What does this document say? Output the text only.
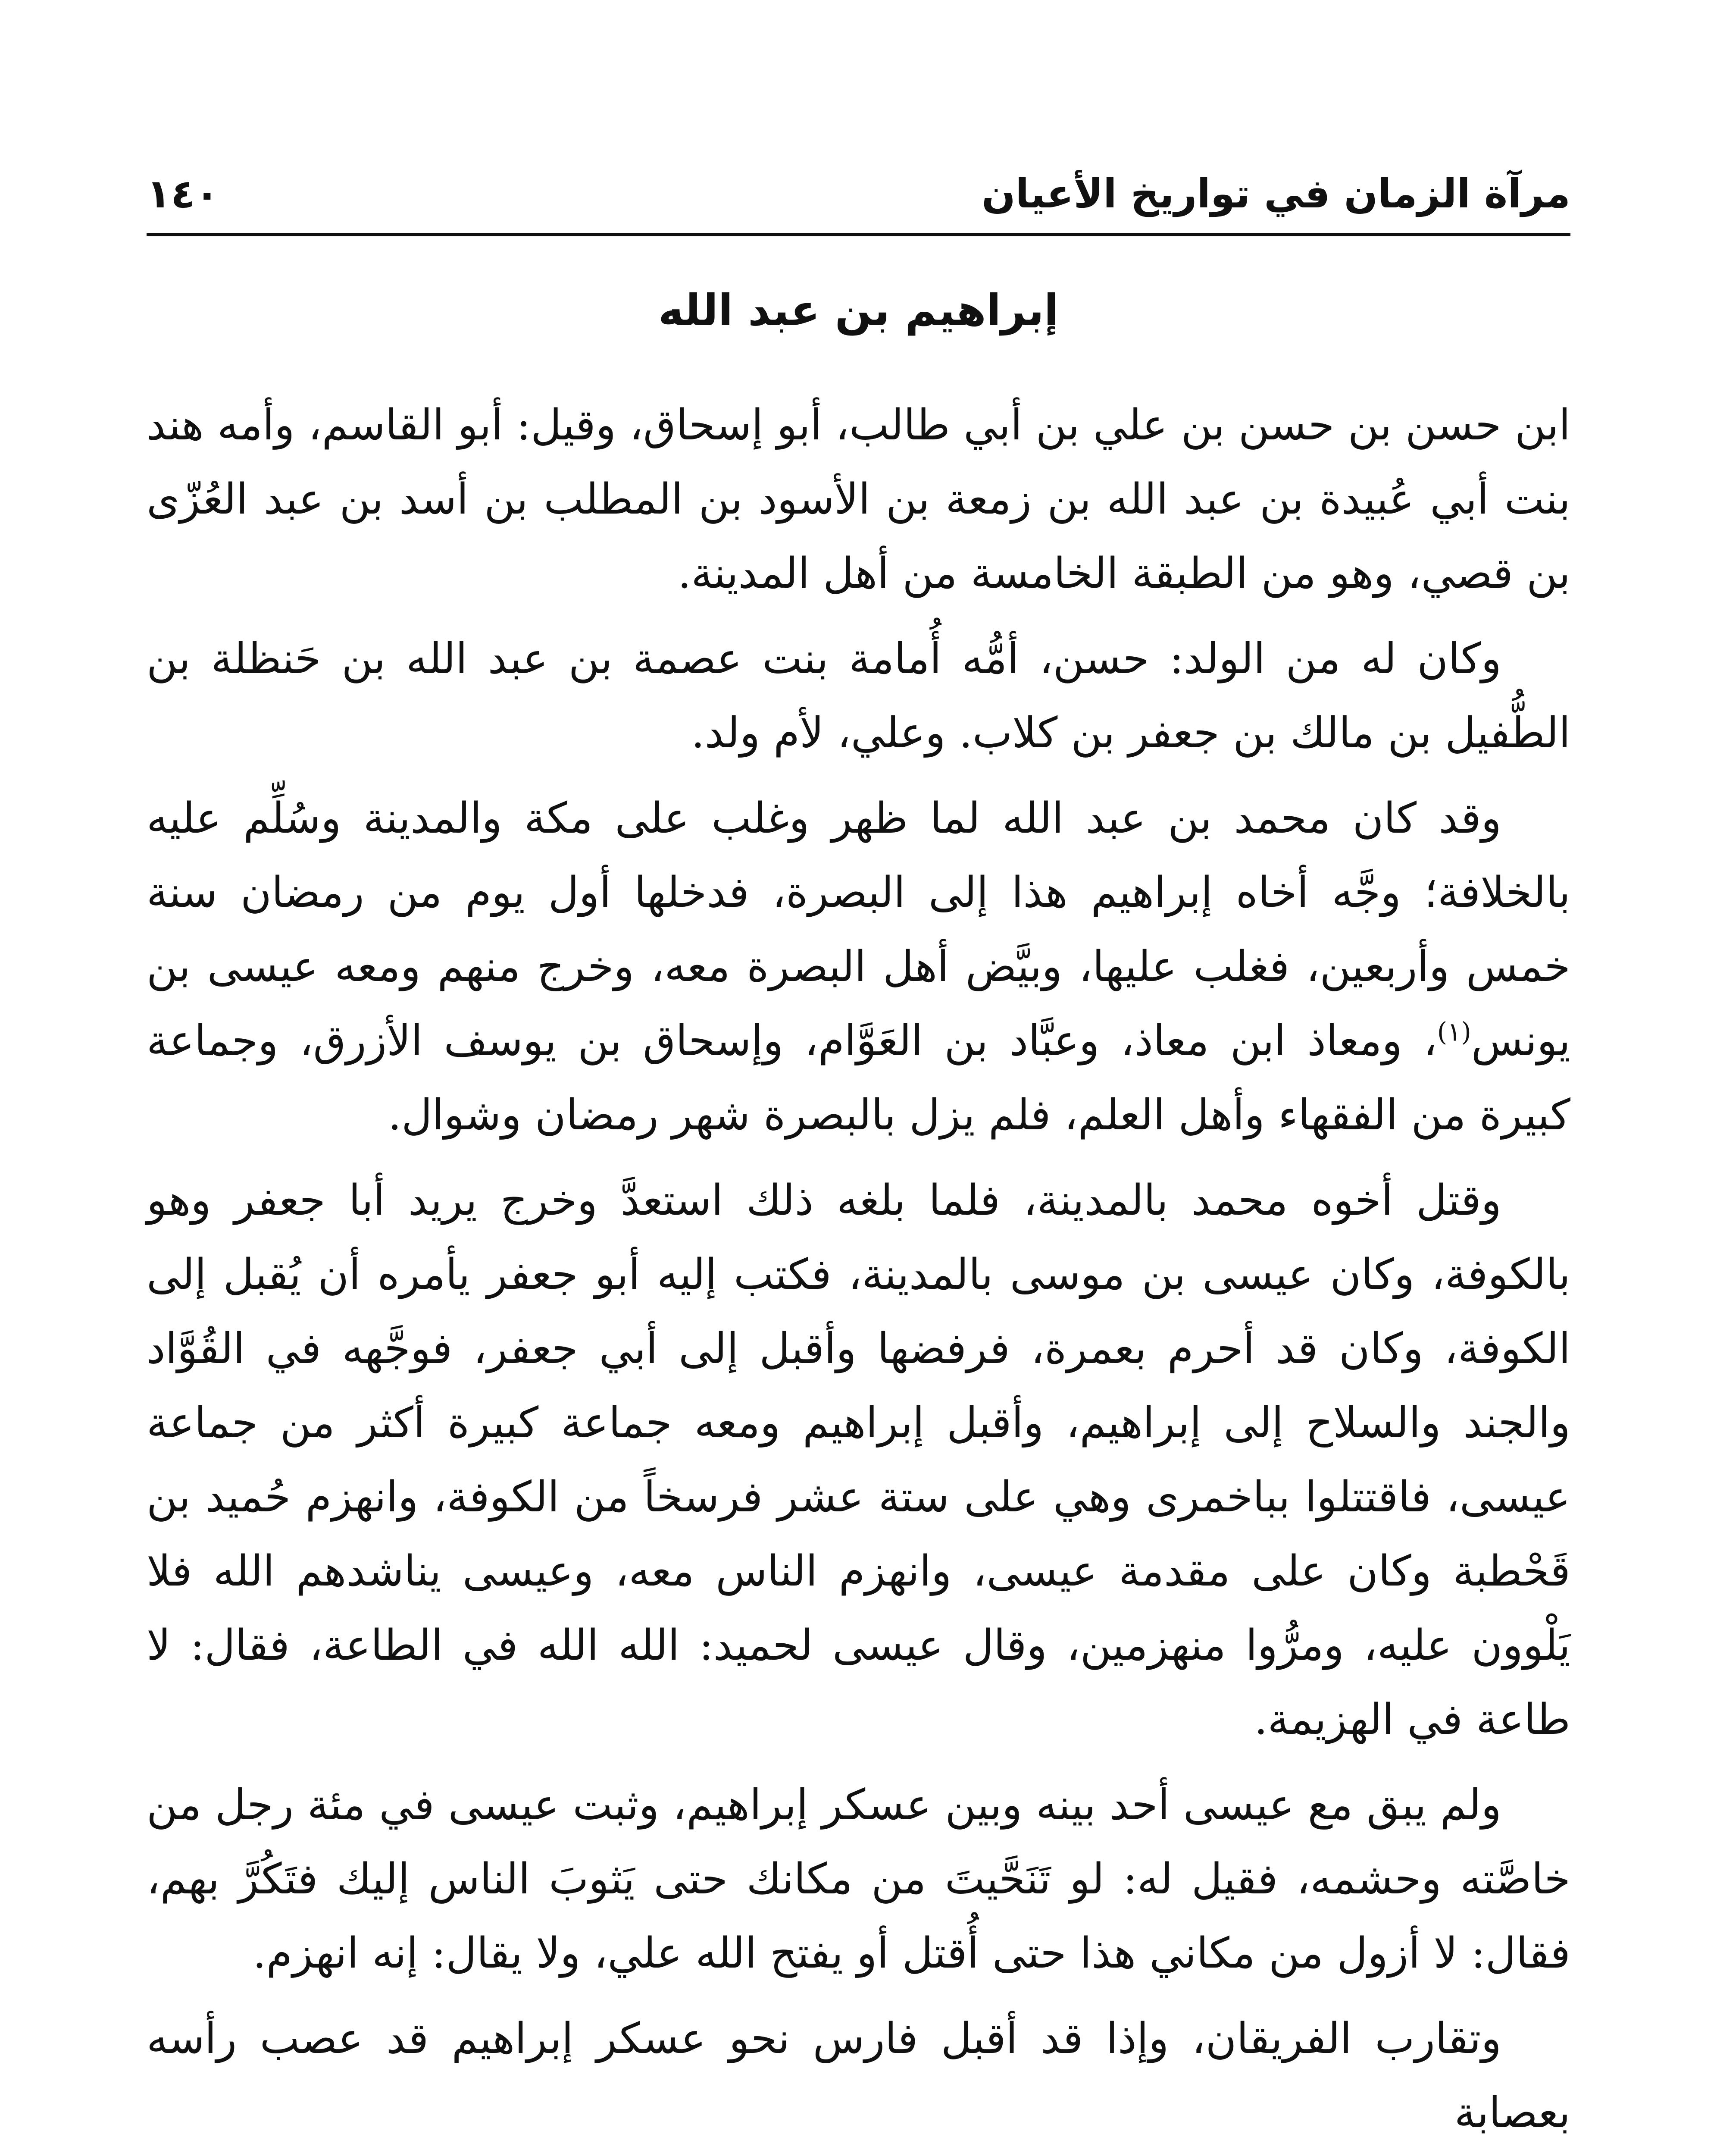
مرآة الزمان في تواريخ الأعيان
١٤٠
إبراهيم بن عبد الله

ابن حسن بن حسن بن علي بن أبي طالب، أبو إسحاق، وقيل: أبو القاسم، وأمه هند بنت أبي عُبيدة بن عبد الله بن زمعة بن الأسود بن المطلب بن أسد بن عبد العُزّى بن قصي، وهو من الطبقة الخامسة من أهل المدينة.

وكان له من الولد: حسن، أمُّه أُمامة بنت عصمة بن عبد الله بن حَنظلة بن الطُّفيل بن مالك بن جعفر بن كلاب. وعلي، لأم ولد.

وقد كان محمد بن عبد الله لما ظهر وغلب على مكة والمدينة وسُلِّم عليه بالخلافة؛ وجَّه أخاه إبراهيم هذا إلى البصرة، فدخلها أول يوم من رمضان سنة خمس وأربعين، فغلب عليها، وبيَّض أهل البصرة معه، وخرج منهم ومعه عيسى بن يونس$^{(١)}$، ومعاذ ابن معاذ، وعبَّاد بن العَوَّام، وإسحاق بن يوسف الأزرق، وجماعة كبيرة من الفقهاء وأهل العلم، فلم يزل بالبصرة شهر رمضان وشوال.

وقتل أخوه محمد بالمدينة، فلما بلغه ذلك استعدَّ وخرج يريد أبا جعفر وهو بالكوفة، وكان عيسى بن موسى بالمدينة، فكتب إليه أبو جعفر يأمره أن يُقبل إلى الكوفة، وكان قد أحرم بعمرة، فرفضها وأقبل إلى أبي جعفر، فوجَّهه في القُوَّاد والجند والسلاح إلى إبراهيم، وأقبل إبراهيم ومعه جماعة كبيرة أكثر من جماعة عيسى، فاقتتلوا بباخمرى وهي على ستة عشر فرسخاً من الكوفة، وانهزم حُميد بن قَحْطبة وكان على مقدمة عيسى، وانهزم الناس معه، وعيسى يناشدهم الله فلا يَلْوون عليه، ومرُّوا منهزمين، وقال عيسى لحميد: الله الله في الطاعة، فقال: لا طاعة في الهزيمة.

ولم يبق مع عيسى أحد بينه وبين عسكر إبراهيم، وثبت عيسى في مئة رجل من خاصَّته وحشمه، فقيل له: لو تَنَحَّيتَ من مكانك حتى يَثوبَ الناس إليك فتَكُرَّ بهم، فقال: لا أزول من مكاني هذا حتى أُقتل أو يفتح الله علي، ولا يقال: إنه انهزم.

وتقارب الفريقان، وإذا قد أقبل فارس نحو عسكر إبراهيم قد عصب رأسه بعصابة
